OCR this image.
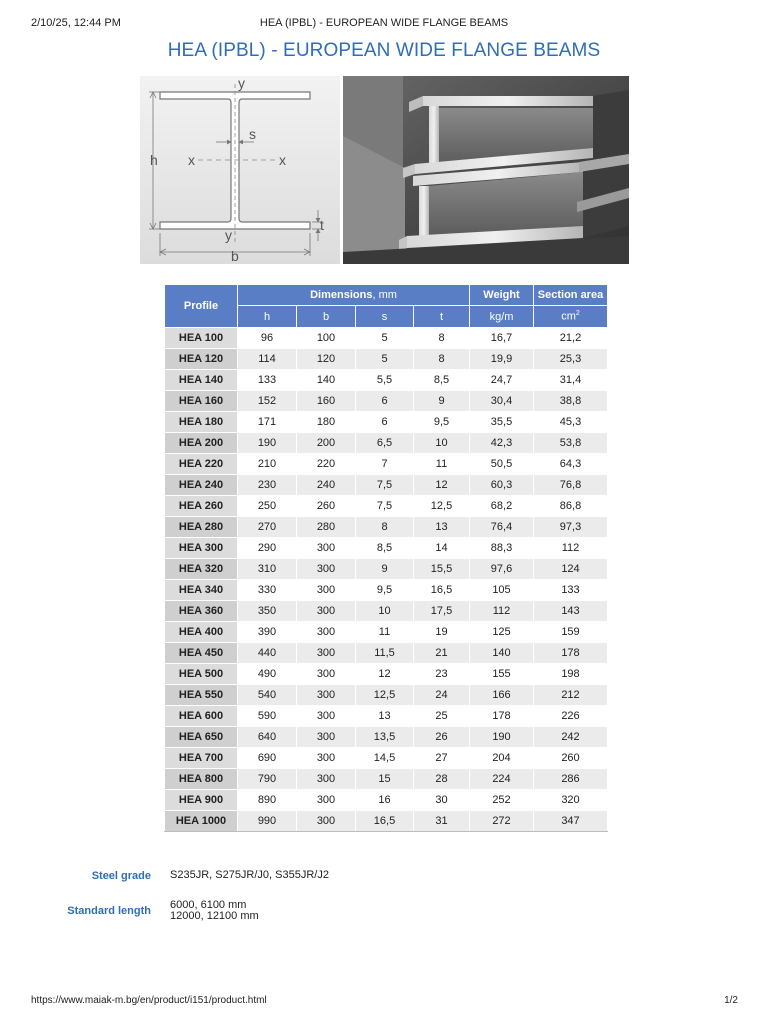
2/10/25, 12:44 PM	HEA (IPBL) - EUROPEAN WIDE FLANGE BEAMS
HEA (IPBL) - EUROPEAN WIDE FLANGE BEAMS
y
y
x	x
h
s
t
b
Profile	Dimensions, mm				Weight	Section area
	h	b	s	t	kg/m	$cm^2$
HEA 100	96	100	5	8	16,7	21,2
HEA 120	114	120	5	8	19,9	25,3
HEA 140	133	140	5,5	8,5	24,7	31,4
HEA 160	152	160	6	9	30,4	38,8
HEA 180	171	180	6	9,5	35,5	45,3
HEA 200	190	200	6,5	10	42,3	53,8
HEA 220	210	220	7	11	50,5	64,3
HEA 240	230	240	7,5	12	60,3	76,8
HEA 260	250	260	7,5	12,5	68,2	86,8
HEA 280	270	280	8	13	76,4	97,3
HEA 300	290	300	8,5	14	88,3	112
HEA 320	310	300	9	15,5	97,6	124
HEA 340	330	300	9,5	16,5	105	133
HEA 360	350	300	10	17,5	112	143
HEA 400	390	300	11	19	125	159
HEA 450	440	300	11,5	21	140	178
HEA 500	490	300	12	23	155	198
HEA 550	540	300	12,5	24	166	212
HEA 600	590	300	13	25	178	226
HEA 650	640	300	13,5	26	190	242
HEA 700	690	300	14,5	27	204	260
HEA 800	790	300	15	28	224	286
HEA 900	890	300	16	30	252	320
HEA 1000	990	300	16,5	31	272	347
Steel grade S235JR, S275JR/J0, S355JR/J2
Standard length 6000, 6100 mm
12000, 12100 mm
https://www.maiak-m.bg/en/product/i151/product.html	1/2
